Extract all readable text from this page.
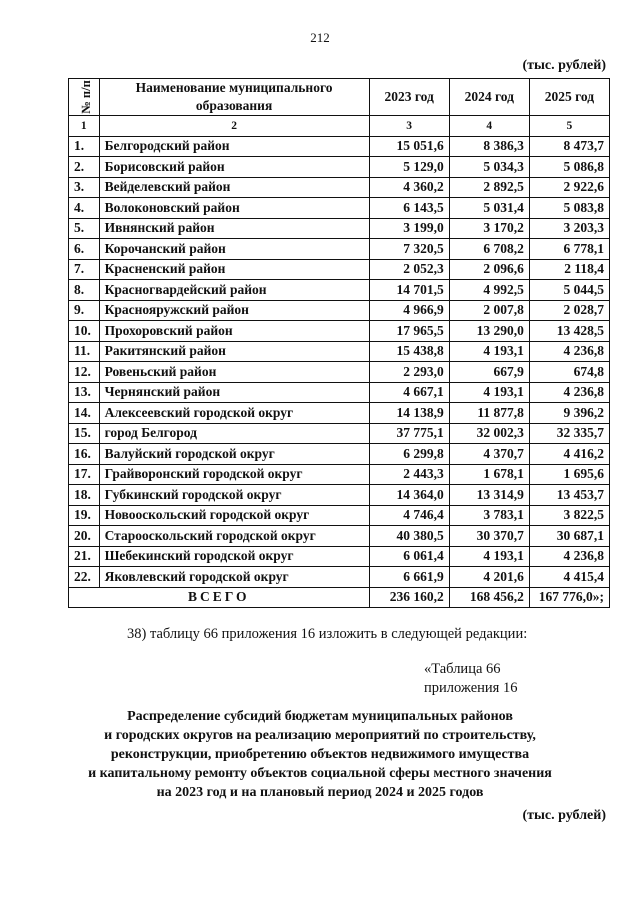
212
(тыс. рублей)
№ п/п	Наименование муниципального образования	2023 год	2024 год	2025 год
1	2	3	4	5
1.	Белгородский район	15 051,6	8 386,3	8 473,7
2.	Борисовский район	5 129,0	5 034,3	5 086,8
3.	Вейделевский район	4 360,2	2 892,5	2 922,6
4.	Волоконовский район	6 143,5	5 031,4	5 083,8
5.	Ивнянский район	3 199,0	3 170,2	3 203,3
6.	Корочанский район	7 320,5	6 708,2	6 778,1
7.	Красненский район	2 052,3	2 096,6	2 118,4
8.	Красногвардейский район	14 701,5	4 992,5	5 044,5
9.	Краснояружский район	4 966,9	2 007,8	2 028,7
10.	Прохоровский район	17 965,5	13 290,0	13 428,5
11.	Ракитянский район	15 438,8	4 193,1	4 236,8
12.	Ровеньский район	2 293,0	667,9	674,8
13.	Чернянский район	4 667,1	4 193,1	4 236,8
14.	Алексеевский городской округ	14 138,9	11 877,8	9 396,2
15.	город Белгород	37 775,1	32 002,3	32 335,7
16.	Валуйский городской округ	6 299,8	4 370,7	4 416,2
17.	Грайворонский городской округ	2 443,3	1 678,1	1 695,6
18.	Губкинский городской округ	14 364,0	13 314,9	13 453,7
19.	Новооскольский городской округ	4 746,4	3 783,1	3 822,5
20.	Старооскольский городской округ	40 380,5	30 370,7	30 687,1
21.	Шебекинский городской округ	6 061,4	4 193,1	4 236,8
22.	Яковлевский городской округ	6 661,9	4 201,6	4 415,4
ВСЕГО		236 160,2	168 456,2	167 776,0»;
38) таблицу 66 приложения 16 изложить в следующей редакции:
«Таблица 66
приложения 16
Распределение субсидий бюджетам муниципальных районов
и городских округов на реализацию мероприятий по строительству,
реконструкции, приобретению объектов недвижимого имущества
и капитальному ремонту объектов социальной сферы местного значения
на 2023 год и на плановый период 2024 и 2025 годов
(тыс. рублей)
